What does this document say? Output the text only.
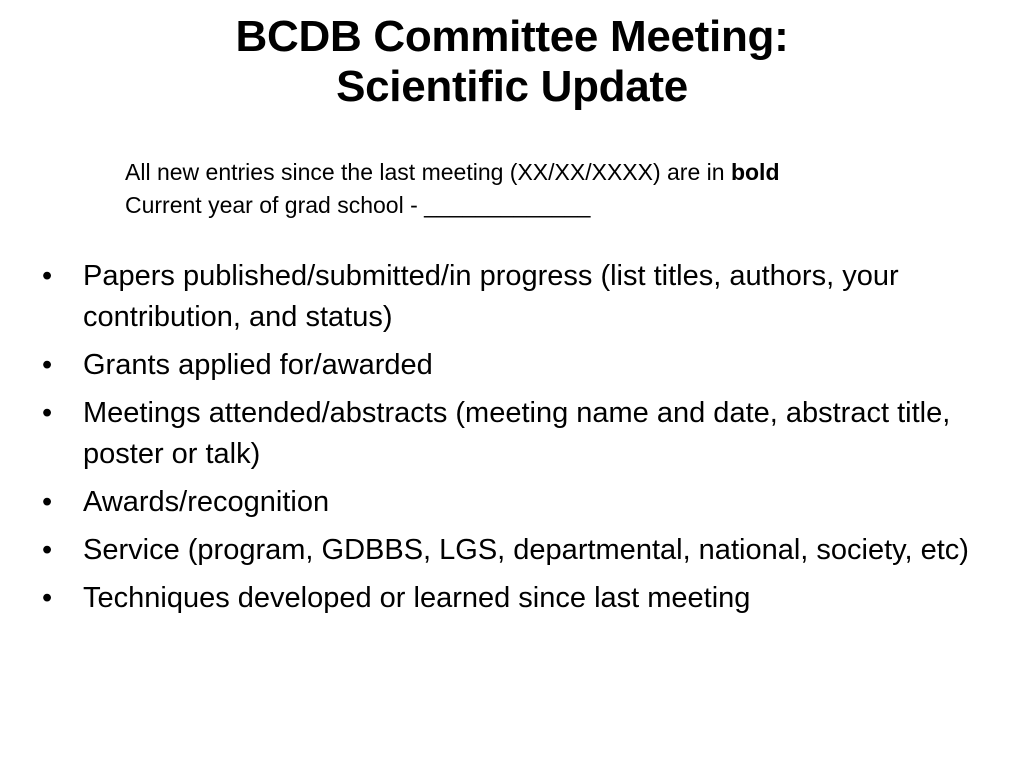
BCDB Committee Meeting:
Scientific Update
All new entries since the last meeting (XX/XX/XXXX) are in bold
Current year of grad school - _____________
• Papers published/submitted/in progress (list titles, authors, your contribution, and status)
• Grants applied for/awarded
• Meetings attended/abstracts (meeting name and date, abstract title, poster or talk)
• Awards/recognition
• Service (program, GDBBS, LGS, departmental, national, society, etc)
• Techniques developed or learned since last meeting
